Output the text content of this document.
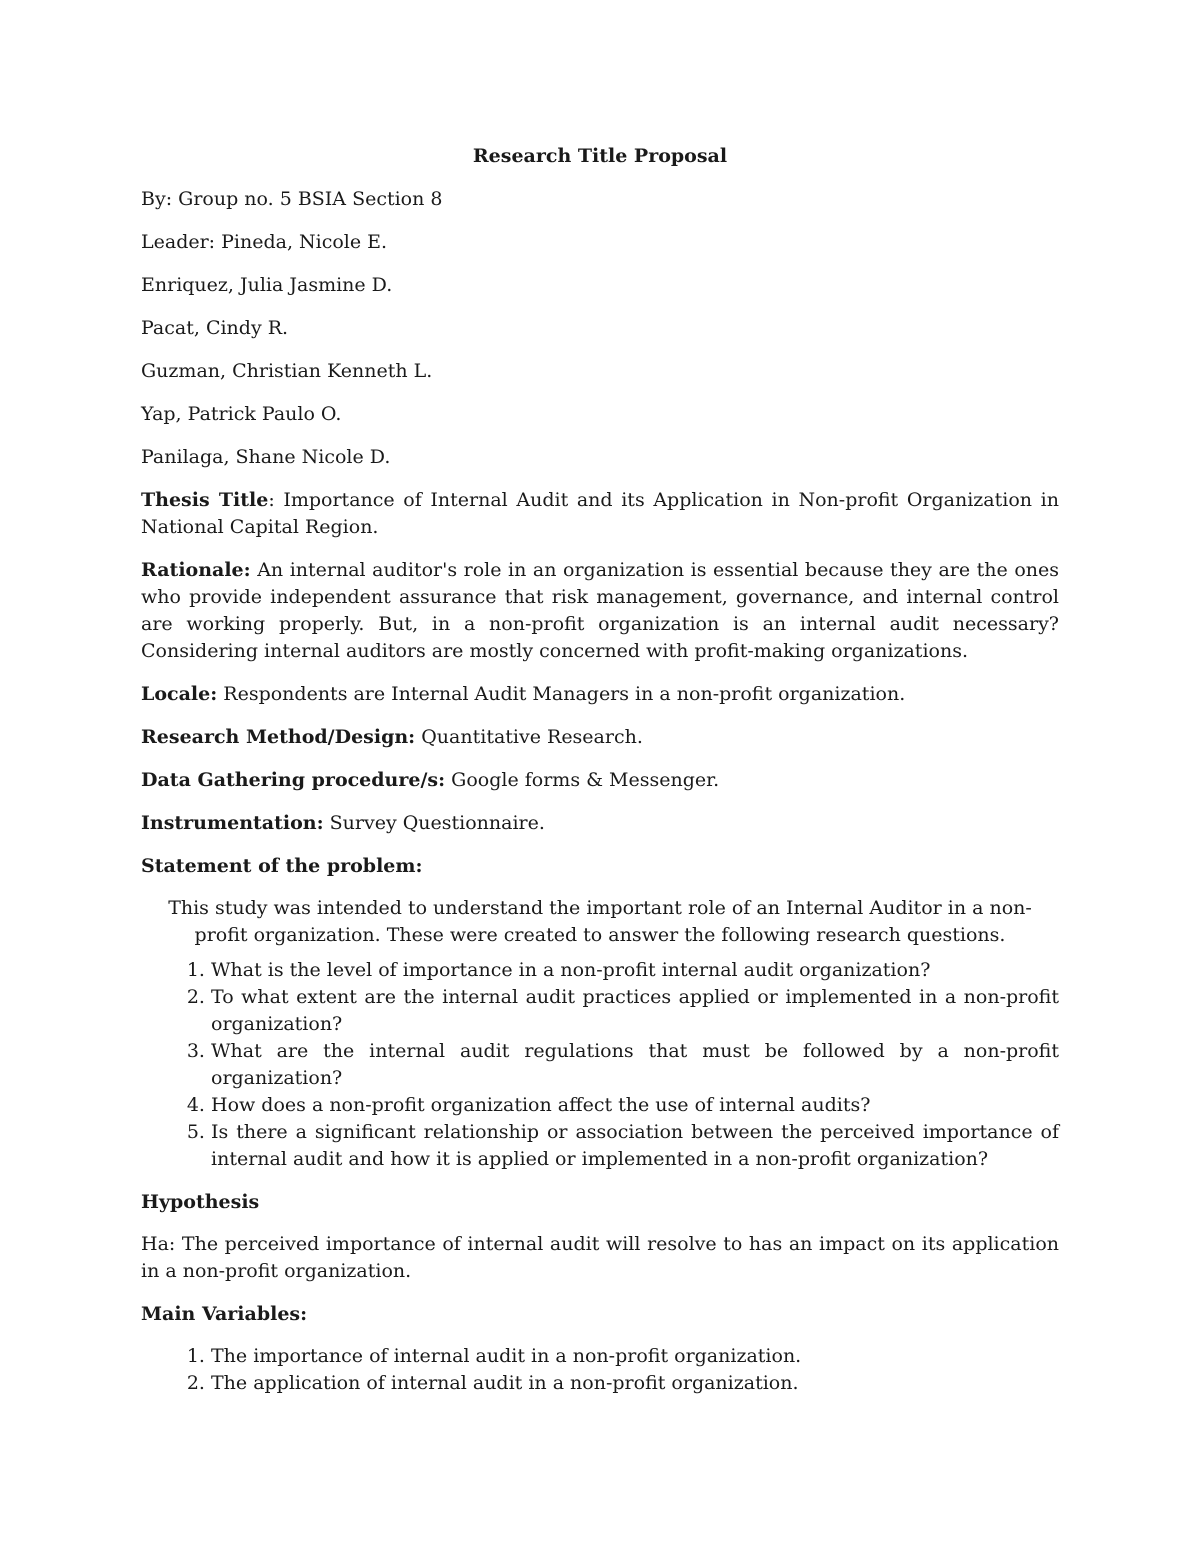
Research Title Proposal
By: Group no. 5 BSIA Section 8
Leader: Pineda, Nicole E.
Enriquez, Julia Jasmine D.
Pacat, Cindy R.
Guzman, Christian Kenneth L.
Yap, Patrick Paulo O.
Panilaga, Shane Nicole D.
Thesis Title: Importance of Internal Audit and its Application in Non-profit Organization in National Capital Region.
Rationale: An internal auditor's role in an organization is essential because they are the ones who provide independent assurance that risk management, governance, and internal control are working properly. But, in a non-profit organization is an internal audit necessary? Considering internal auditors are mostly concerned with profit-making organizations.
Locale: Respondents are Internal Audit Managers in a non-profit organization.
Research Method/Design: Quantitative Research.
Data Gathering procedure/s: Google forms & Messenger.
Instrumentation: Survey Questionnaire.
Statement of the problem:
This study was intended to understand the important role of an Internal Auditor in a non-profit organization. These were created to answer the following research questions.
1. What is the level of importance in a non-profit internal audit organization?
2. To what extent are the internal audit practices applied or implemented in a non-profit organization?
3. What are the internal audit regulations that must be followed by a non-profit organization?
4. How does a non-profit organization affect the use of internal audits?
5. Is there a significant relationship or association between the perceived importance of internal audit and how it is applied or implemented in a non-profit organization?
Hypothesis
Ha: The perceived importance of internal audit will resolve to has an impact on its application in a non-profit organization.
Main Variables:
1. The importance of internal audit in a non-profit organization.
2. The application of internal audit in a non-profit organization.
